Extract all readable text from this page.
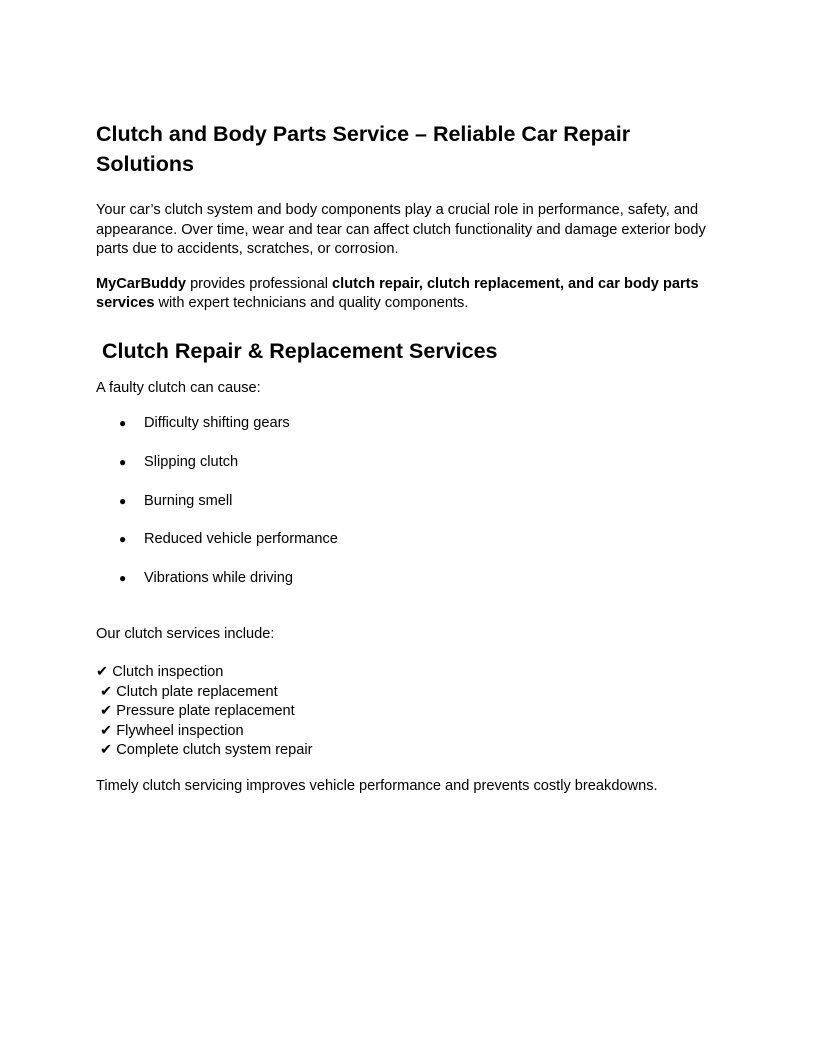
Clutch and Body Parts Service – Reliable Car Repair Solutions

Your car’s clutch system and body components play a crucial role in performance, safety, and appearance. Over time, wear and tear can affect clutch functionality and damage exterior body parts due to accidents, scratches, or corrosion.

MyCarBuddy provides professional clutch repair, clutch replacement, and car body parts services with expert technicians and quality components.

Clutch Repair & Replacement Services

A faulty clutch can cause:

● Difficulty shifting gears
● Slipping clutch
● Burning smell
● Reduced vehicle performance
● Vibrations while driving

Our clutch services include:

✔ Clutch inspection
✔ Clutch plate replacement
✔ Pressure plate replacement
✔ Flywheel inspection
✔ Complete clutch system repair

Timely clutch servicing improves vehicle performance and prevents costly breakdowns.
